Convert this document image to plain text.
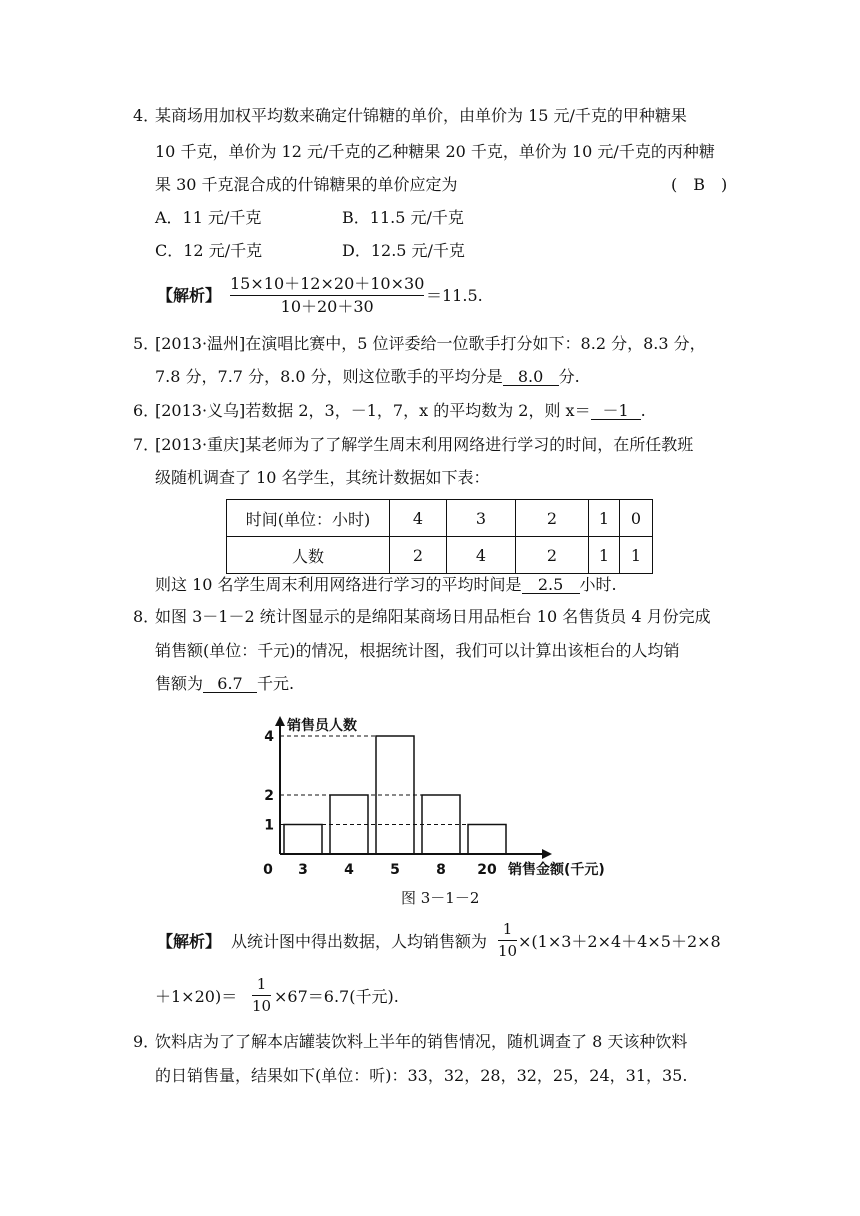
4．某商场用加权平均数来确定什锦糖的单价，由单价为 15 元/千克的甲种糖果
10 千克，单价为 12 元/千克的乙种糖果 20 千克，单价为 10 元/千克的丙种糖
果 30 千克混合成的什锦糖果的单价应定为	(　B　)
A．11 元/千克	B．11.5 元/千克
C．12 元/千克	D．12.5 元/千克
【解析】
15×10＋12×20＋10×30
10＋20＋30
＝11.5.
5．[2013·温州]在演唱比赛中，5 位评委给一位歌手打分如下：8.2 分，8.3 分，
7.8 分，7.7 分，8.0 分，则这位歌手的平均分是 8.0 分.
6．[2013·义乌]若数据 2，3，－1，7，x 的平均数为 2，则 x＝ －1 .
7．[2013·重庆]某老师为了了解学生周末利用网络进行学习的时间，在所任教班
级随机调查了 10 名学生，其统计数据如下表：
时间(单位：小时)	4	3	2	1	0
人数	2	4	2	1	1
则这 10 名学生周末利用网络进行学习的平均时间是 2.5 小时.
8．如图 3－1－2 统计图显示的是绵阳某商场日用品柜台 10 名售货员 4 月份完成
销售额(单位：千元)的情况，根据统计图，我们可以计算出该柜台的人均销
售额为 6.7 千元.
1
2
4
3	4	5	8 20
0
销售员人数
销售金额(千元)
图 3－1－2
【解析】 从统计图中得出数据，人均销售额为
1
10 ×(1×3＋2×4＋4×5＋2×8
＋1×20)＝
1
10 ×67＝6.7(千元).
9．饮料店为了了解本店罐装饮料上半年的销售情况，随机调查了 8 天该种饮料
的日销售量，结果如下(单位：听)：33，32，28，32，25，24，31，35.
